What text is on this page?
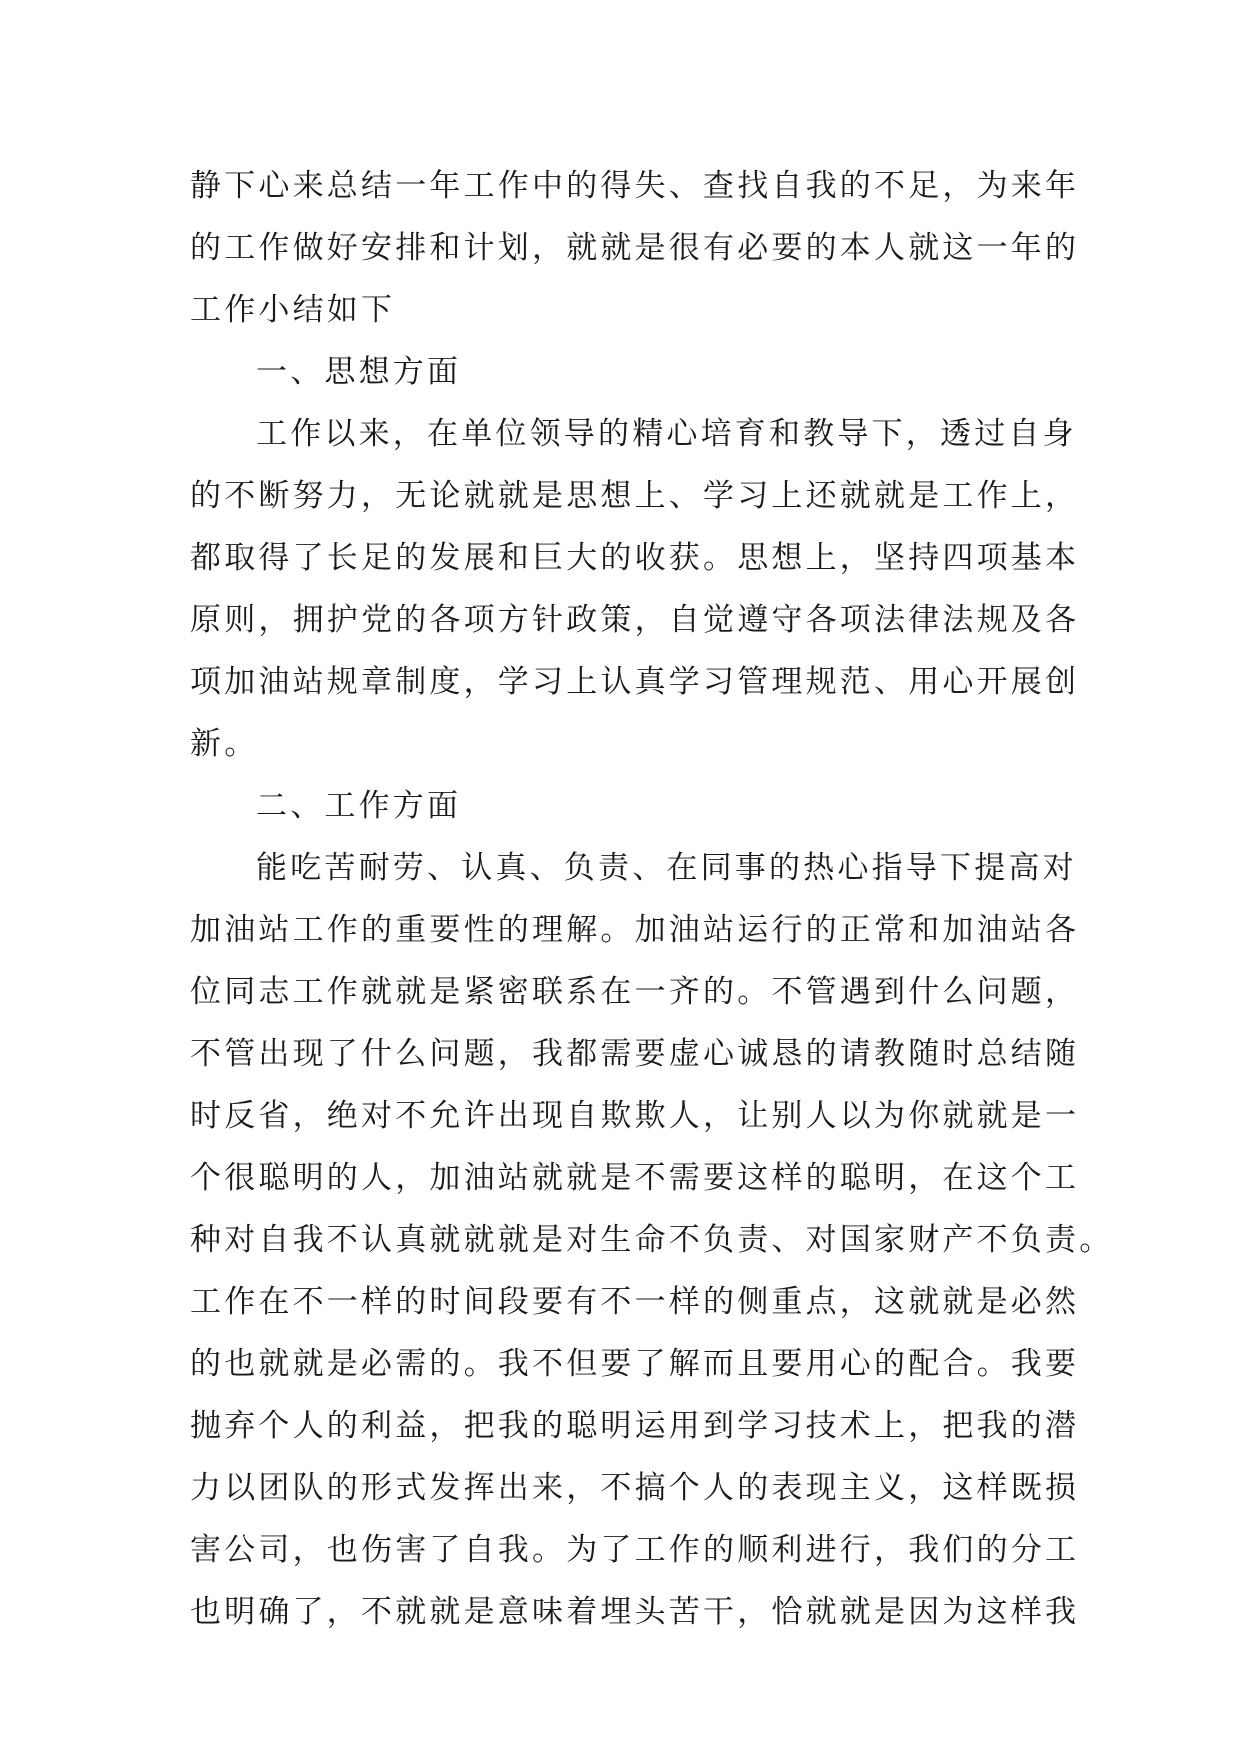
静下心来总结一年工作中的得失、查找自我的不足，为来年
的工作做好安排和计划，就就是很有必要的本人就这一年的
工作小结如下
一、思想方面
工作以来，在单位领导的精心培育和教导下，透过自身
的不断努力，无论就就是思想上、学习上还就就是工作上，
都取得了长足的发展和巨大的收获。思想上，坚持四项基本
原则，拥护党的各项方针政策，自觉遵守各项法律法规及各
项加油站规章制度，学习上认真学习管理规范、用心开展创
新。
二、工作方面
能吃苦耐劳、认真、负责、在同事的热心指导下提高对
加油站工作的重要性的理解。加油站运行的正常和加油站各
位同志工作就就是紧密联系在一齐的。不管遇到什么问题，
不管出现了什么问题，我都需要虚心诚恳的请教随时总结随
时反省，绝对不允许出现自欺欺人，让别人以为你就就是一
个很聪明的人，加油站就就是不需要这样的聪明，在这个工
种对自我不认真就就就是对生命不负责、对国家财产不负责。
工作在不一样的时间段要有不一样的侧重点，这就就是必然
的也就就是必需的。我不但要了解而且要用心的配合。我要
抛弃个人的利益，把我的聪明运用到学习技术上，把我的潜
力以团队的形式发挥出来，不搞个人的表现主义，这样既损
害公司，也伤害了自我。为了工作的顺利进行，我们的分工
也明确了，不就就是意味着埋头苦干，恰就就是因为这样我
